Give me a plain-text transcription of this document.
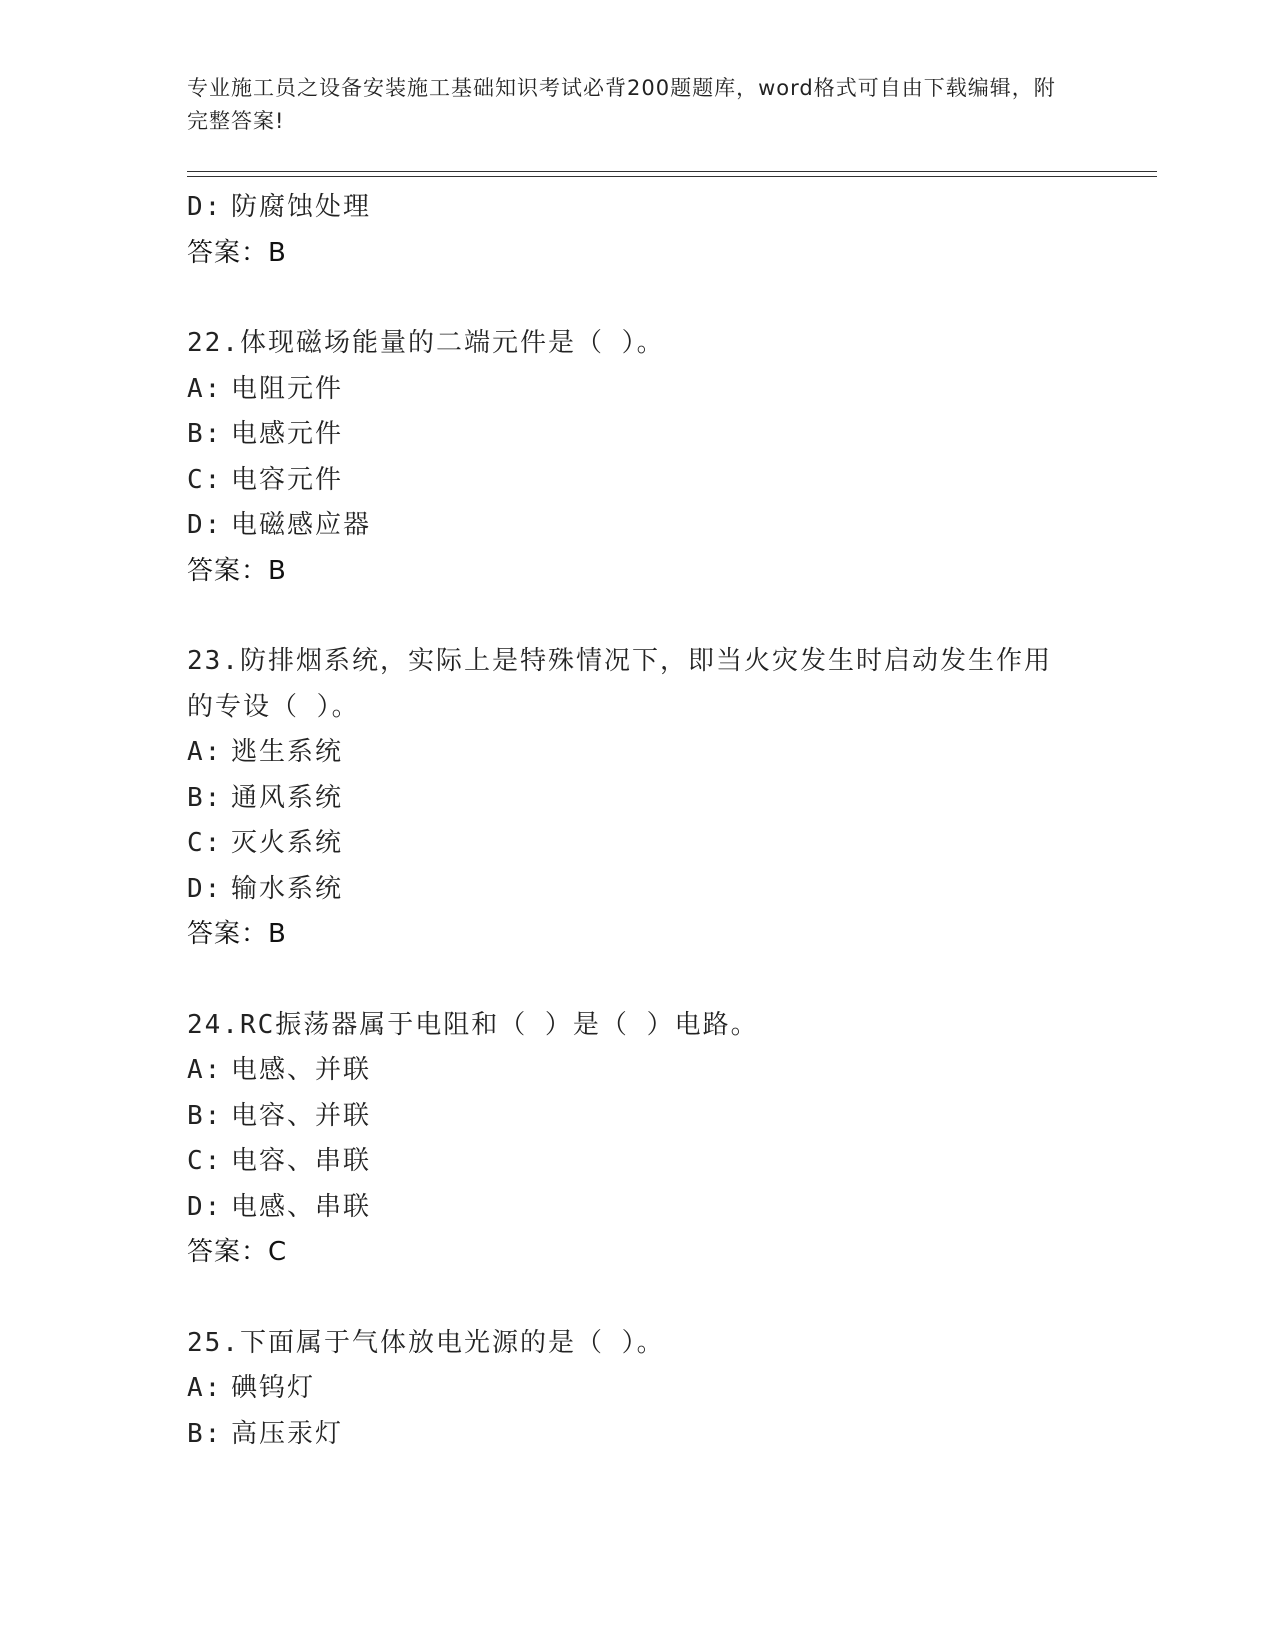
专业施工员之设备安装施工基础知识考试必背200题题库，word格式可自由下载编辑，附完整答案!
D: 防腐蚀处理
答案：B
22.体现磁场能量的二端元件是（ ）。
A: 电阻元件
B: 电感元件
C: 电容元件
D: 电磁感应器
答案：B
23.防排烟系统，实际上是特殊情况下，即当火灾发生时启动发生作用的专设（ ）。
A: 逃生系统
B: 通风系统
C: 灭火系统
D: 输水系统
答案：B
24.RC振荡器属于电阻和（ ）是（ ）电路。
A: 电感、并联
B: 电容、并联
C: 电容、串联
D: 电感、串联
答案：C
25.下面属于气体放电光源的是（ ）。
A: 碘钨灯
B: 高压汞灯
